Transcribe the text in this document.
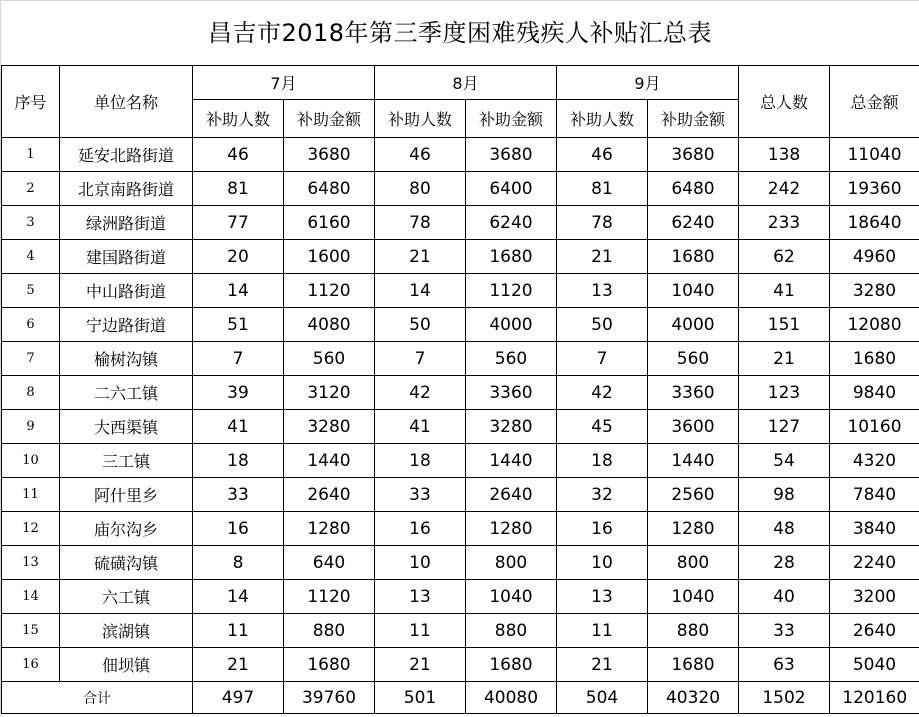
昌吉市2018年第三季度困难残疾人补贴汇总表
序号	单位名称	7月		8月		9月		总人数	总金额
		补助人数	补助金额	补助人数	补助金额	补助人数	补助金额		
1	延安北路街道	46	3680	46	3680	46	3680	138	11040
2	北京南路街道	81	6480	80	6400	81	6480	242	19360
3	绿洲路街道	77	6160	78	6240	78	6240	233	18640
4	建国路街道	20	1600	21	1680	21	1680	62	4960
5	中山路街道	14	1120	14	1120	13	1040	41	3280
6	宁边路街道	51	4080	50	4000	50	4000	151	12080
7	榆树沟镇	7	560	7	560	7	560	21	1680
8	二六工镇	39	3120	42	3360	42	3360	123	9840
9	大西渠镇	41	3280	41	3280	45	3600	127	10160
10	三工镇	18	1440	18	1440	18	1440	54	4320
11	阿什里乡	33	2640	33	2640	32	2560	98	7840
12	庙尔沟乡	16	1280	16	1280	16	1280	48	3840
13	硫磺沟镇	8	640	10	800	10	800	28	2240
14	六工镇	14	1120	13	1040	13	1040	40	3200
15	滨湖镇	11	880	11	880	11	880	33	2640
16	佃坝镇	21	1680	21	1680	21	1680	63	5040
合计		497	39760	501	40080	504	40320	1502	120160
